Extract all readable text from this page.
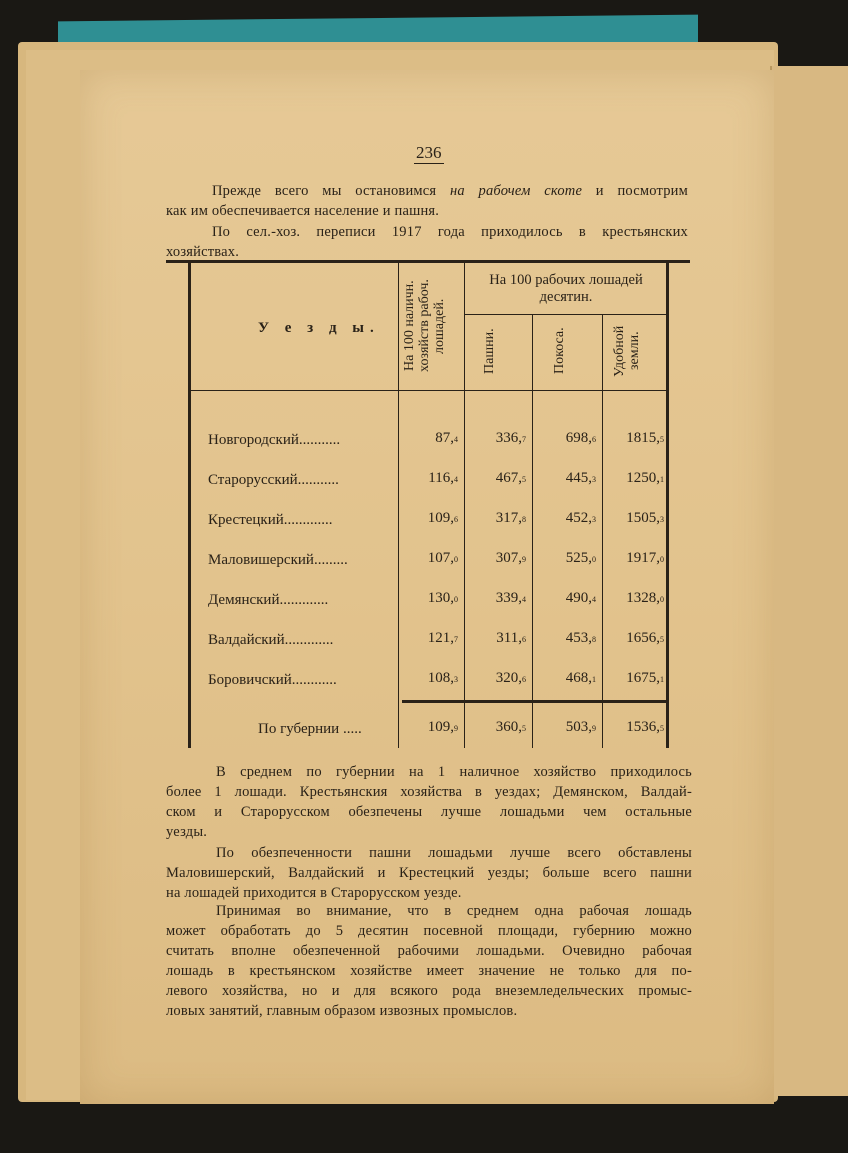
236
Прежде всего мы остановимся на рабочем скоте и посмотрим
как им обеспечивается население и пашня.
По сел.-хоз. переписи 1917 года приходилось в крестьянских
хозяйствах.
У е з д ы. На 100 наличн.
хозяйств рабоч.
лошадей.
На 100 рабочих лошадей
десятин.
Пашни.	Покоса.	Удобной
земли.
Новгородский...........	87,4	336,7	698,6	1815,5
Старорусский...........	116,4	467,5	445,3	1250,1
Крестецкий.............	109,6	317,8	452,3	1505,3
Маловишерский.........	107,0	307,9	525,0	1917,0
Демянский.............	130,0	339,4	490,4	1328,0
Валдайский.............	121,7	311,6	453,8	1656,5
Боровичский............	108,3	320,6	468,1	1675,1
По губернии .....	109,9	360,5	503,9	1536,5
В среднем по губернии на 1 наличное хозяйство приходилось
более 1 лошади. Крестьянския хозяйства в уездах; Демянском, Валдай-
ском и Старорусском обезпечены лучше лошадьми чем остальные
уезды.
По обезпеченности пашни лошадьми лучше всего обставлены
Маловишерский, Валдайский и Крестецкий уезды; больше всего пашни
на лошадей приходится в Старорусском уезде.
Принимая во внимание, что в среднем одна рабочая лошадь
может обработать до 5 десятин посевной площади, губернию можно
считать вполне обезпеченной рабочими лошадьми. Очевидно рабочая
лошадь в крестьянском хозяйстве имеет значение не только для по-
левого хозяйства, но и для всякого рода внеземледельческих промыс-
ловых занятий, главным образом извозных промыслов.
